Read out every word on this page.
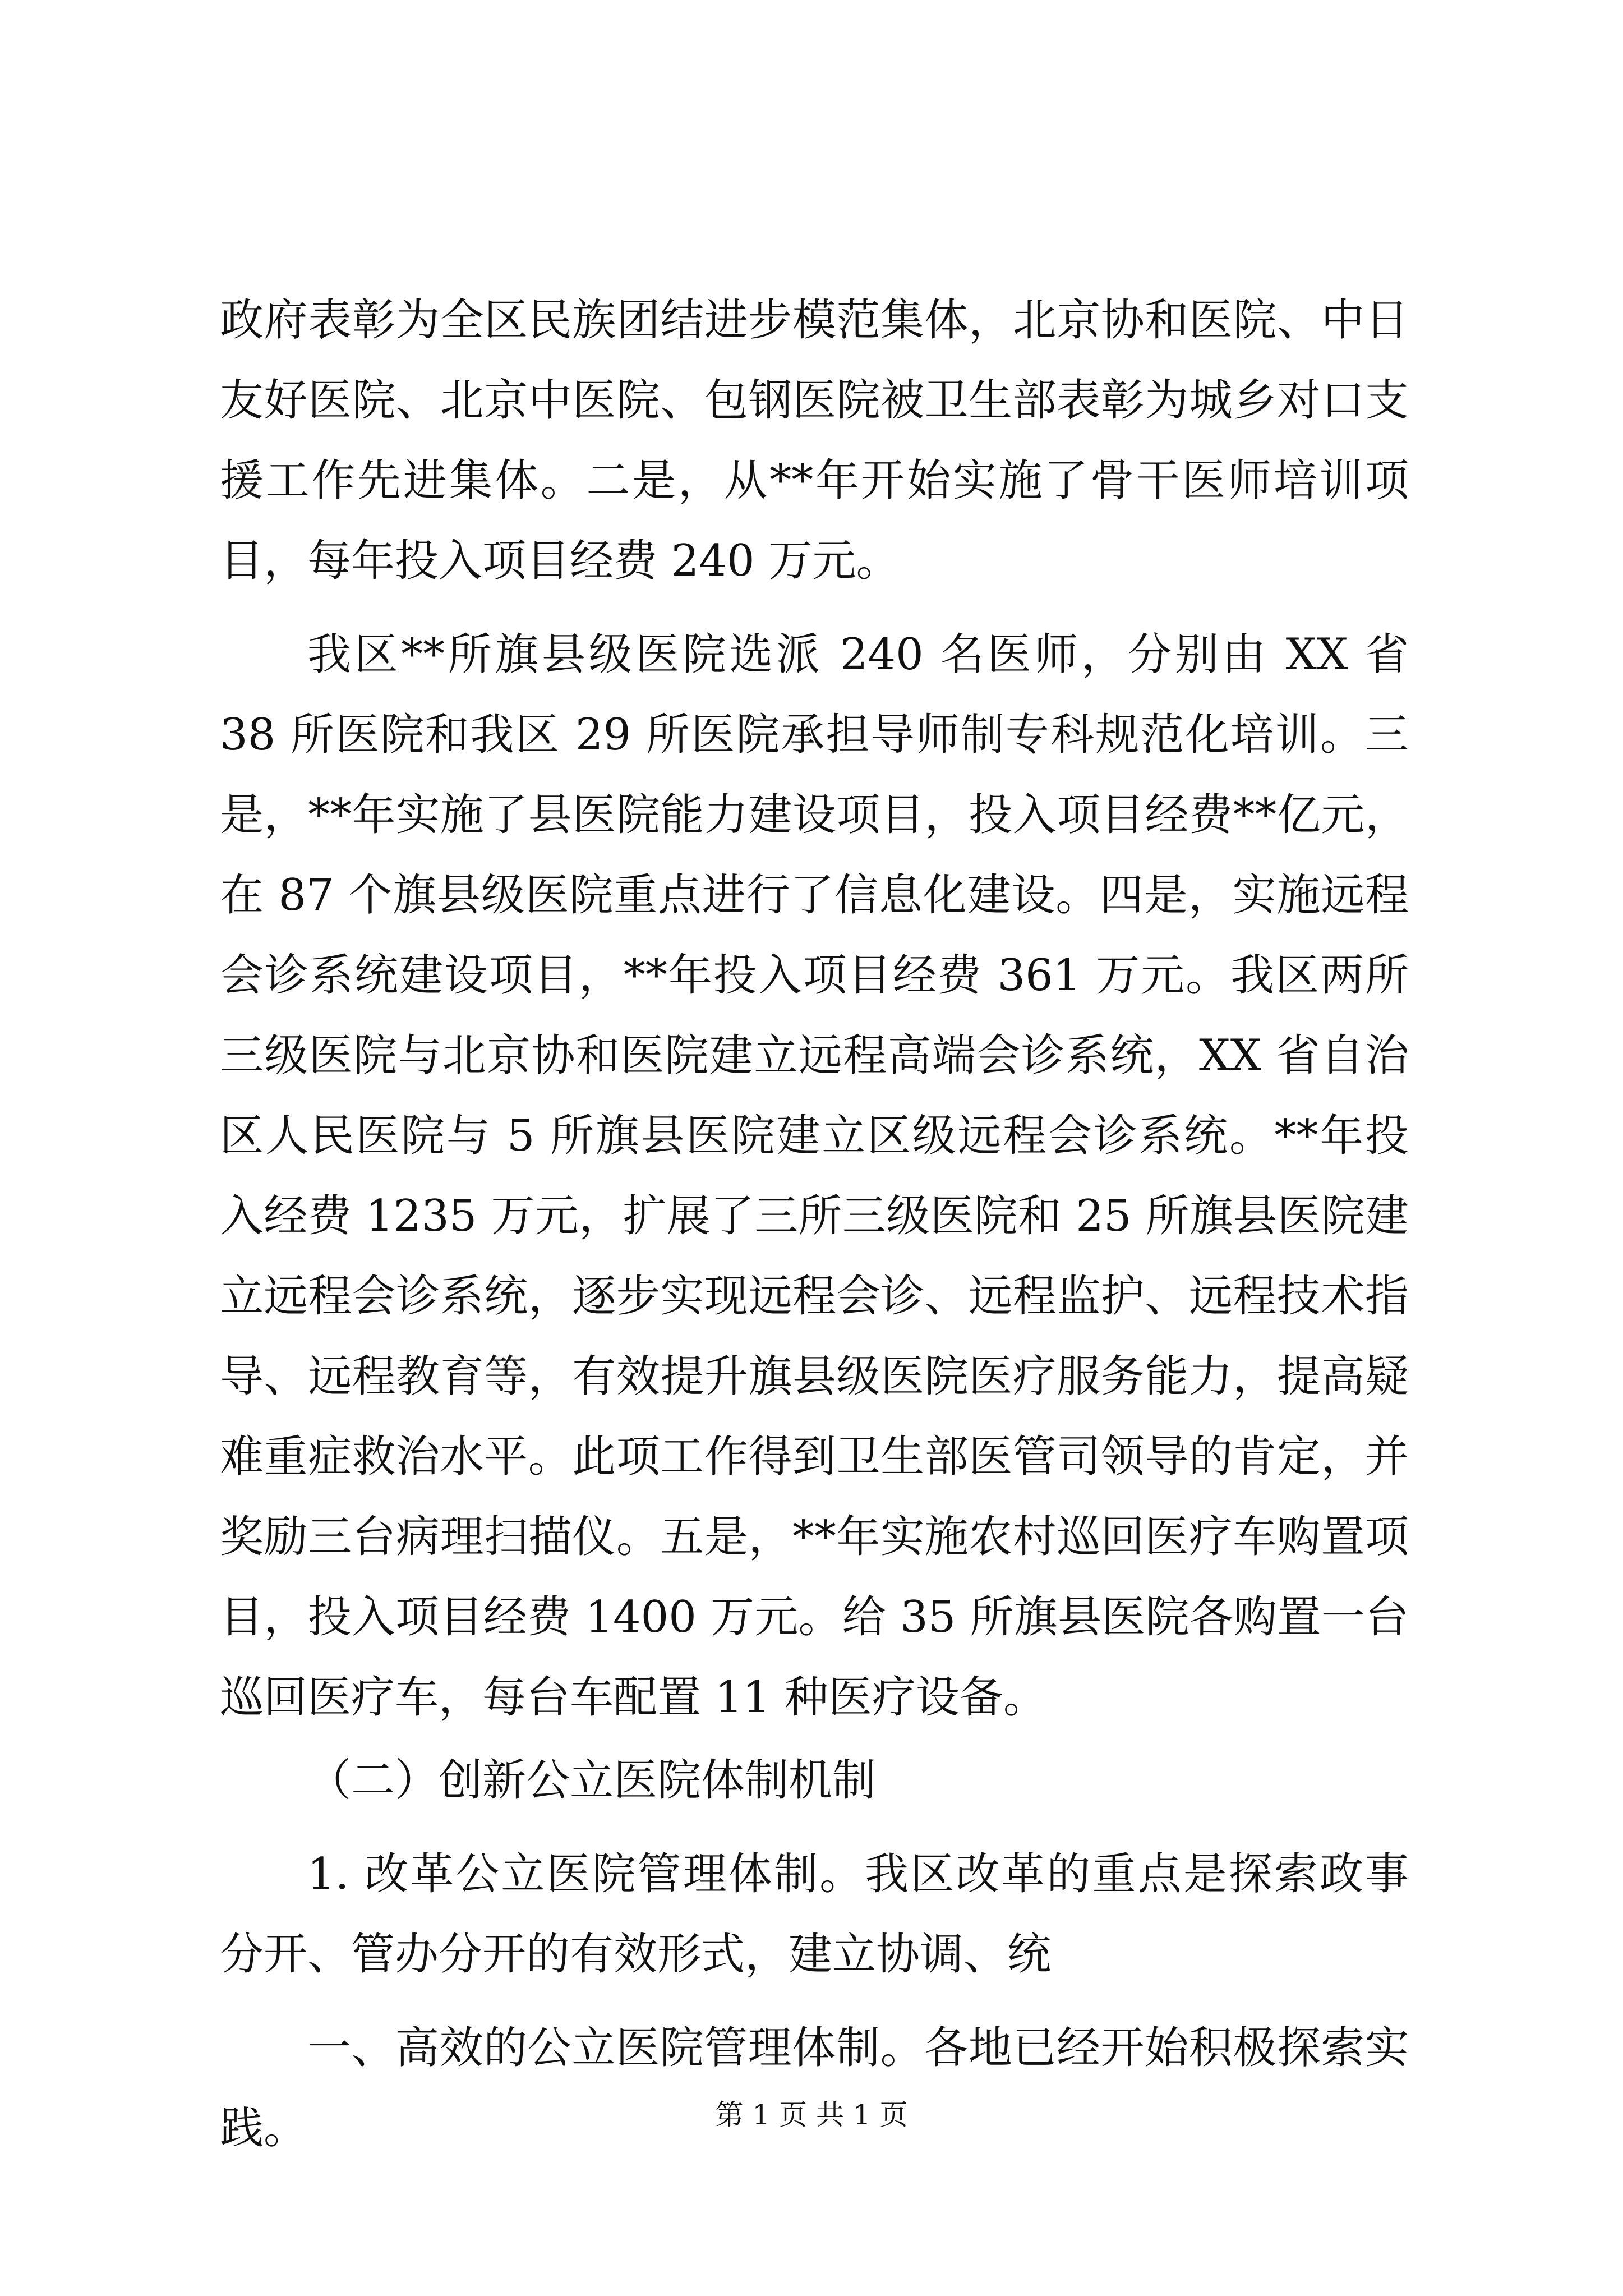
政府表彰为全区民族团结进步模范集体，北京协和医院、中日友好医院、北京中医院、包钢医院被卫生部表彰为城乡对口支援工作先进集体。二是，从**年开始实施了骨干医师培训项目，每年投入项目经费 240 万元。

我区**所旗县级医院选派 240 名医师，分别由 XX 省 38 所医院和我区 29 所医院承担导师制专科规范化培训。三是，**年实施了县医院能力建设项目，投入项目经费**亿元，在 87 个旗县级医院重点进行了信息化建设。四是，实施远程会诊系统建设项目，**年投入项目经费 361 万元。我区两所三级医院与北京协和医院建立远程高端会诊系统，XX 省自治区人民医院与 5 所旗县医院建立区级远程会诊系统。**年投入经费 1235 万元，扩展了三所三级医院和 25 所旗县医院建立远程会诊系统，逐步实现远程会诊、远程监护、远程技术指导、远程教育等，有效提升旗县级医院医疗服务能力，提高疑难重症救治水平。此项工作得到卫生部医管司领导的肯定，并奖励三台病理扫描仪。五是，**年实施农村巡回医疗车购置项目，投入项目经费 1400 万元。给 35 所旗县医院各购置一台巡回医疗车，每台车配置 11 种医疗设备。

（二）创新公立医院体制机制

1. 改革公立医院管理体制。我区改革的重点是探索政事分开、管办分开的有效形式，建立协调、统

一、高效的公立医院管理体制。各地已经开始积极探索实践。	第 1 页 共 1 页
